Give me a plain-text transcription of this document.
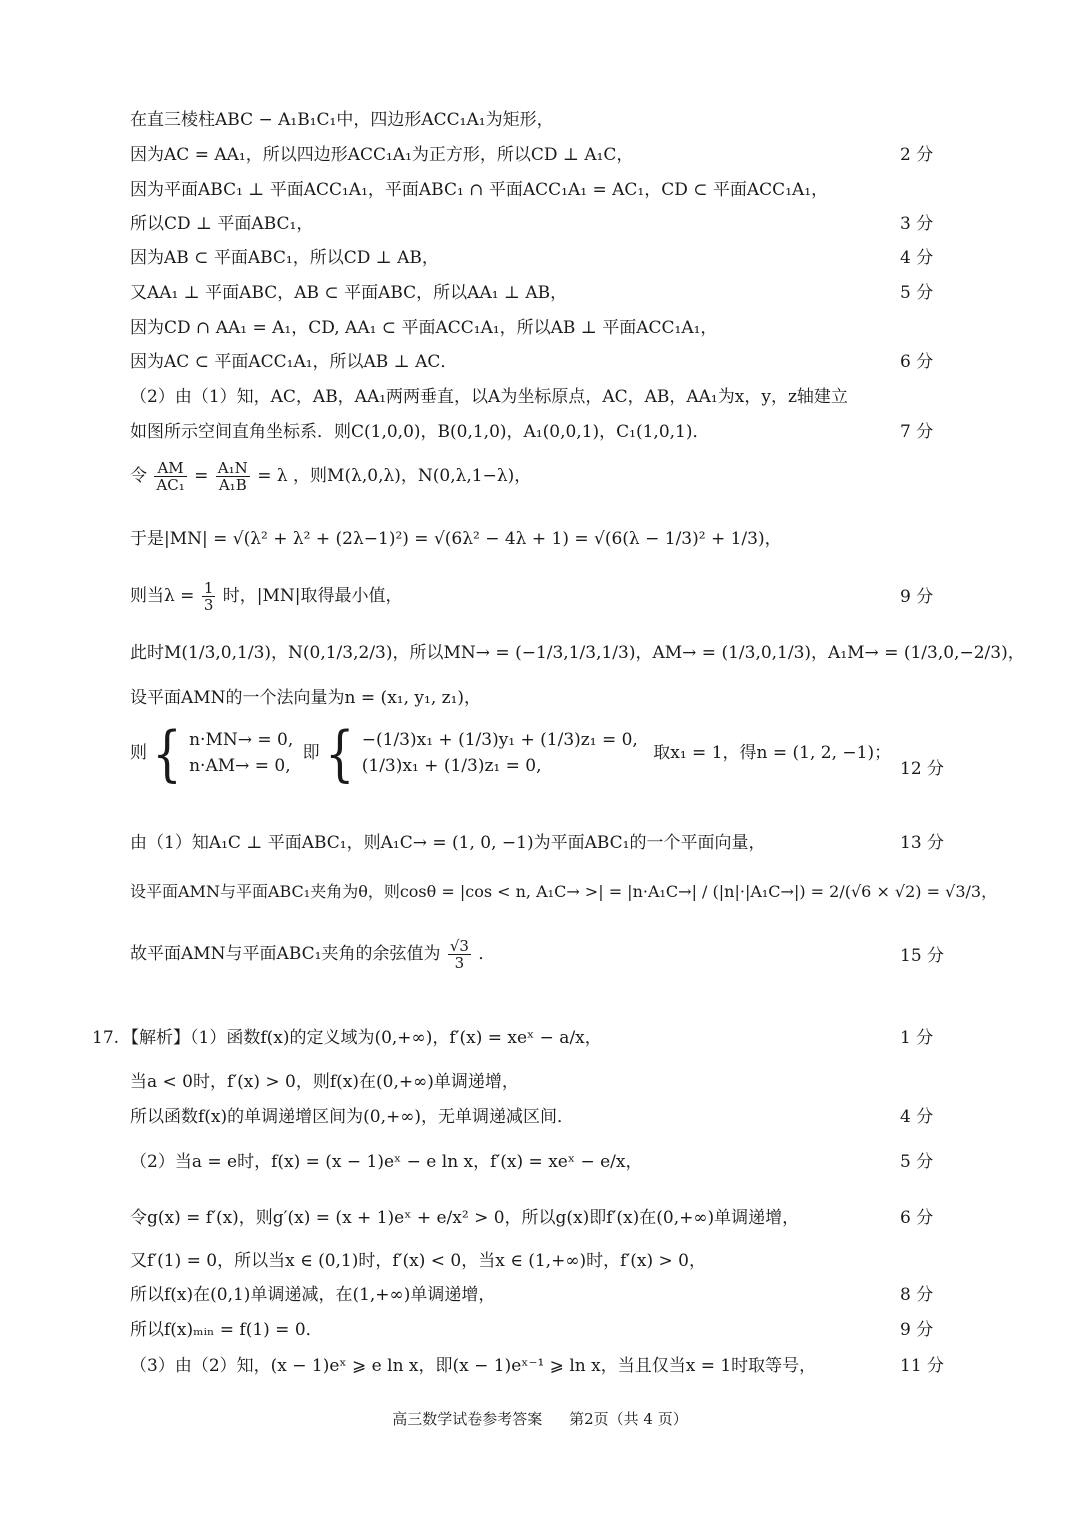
在直三棱柱ABC − A₁B₁C₁中，四边形ACC₁A₁为矩形，
因为AC = AA₁，所以四边形ACC₁A₁为正方形，所以CD ⊥ A₁C，	2 分
因为平面ABC₁ ⊥ 平面ACC₁A₁，平面ABC₁ ∩ 平面ACC₁A₁ = AC₁，CD ⊂ 平面ACC₁A₁，
所以CD ⊥ 平面ABC₁，	3 分
因为AB ⊂ 平面ABC₁，所以CD ⊥ AB，	4 分
又AA₁ ⊥ 平面ABC，AB ⊂ 平面ABC，所以AA₁ ⊥ AB，	5 分
因为CD ∩ AA₁ = A₁，CD, AA₁ ⊂ 平面ACC₁A₁，所以AB ⊥ 平面ACC₁A₁，
因为AC ⊂ 平面ACC₁A₁，所以AB ⊥ AC．	6 分
（2）由（1）知，AC，AB，AA₁两两垂直，以A为坐标原点，AC，AB，AA₁为x，y，z轴建立
如图所示空间直角坐标系．则C(1,0,0)，B(0,1,0)，A₁(0,0,1)，C₁(1,0,1)．	7 分
令 $\frac{AM}{\text{AC₁}} = \frac{\text{A₁N}}{\text{A₁B}} = \lambda$ ，则M(λ,0,λ)，N(0,λ,1−λ)，
于是|MN| = √(λ² + λ² + (2λ−1)²) = √(6λ² − 4λ + 1) = √(6(λ − 1/3)² + 1/3)，
则当$\lambda = \frac{1}{3}$ 时，|MN|取得最小值，	9 分
此时M(1/3,0,1/3)，N(0,1/3,2/3)，所以MN→ = (−1/3,1/3,1/3)，AM→ = (1/3,0,1/3)，A₁M→ = (1/3,0,−2/3)，
设平面AMN的一个法向量为n = (x₁, y₁, z₁)，
则 { n·MN→ = 0,
n·AM→ = 0,
即 { −(1/3)x₁ + (1/3)y₁ + (1/3)z₁ = 0,
(1/3)x₁ + (1/3)z₁ = 0,
取x₁ = 1，得n = (1, 2, −1)；
12 分
由（1）知A₁C ⊥ 平面ABC₁，则A₁C→ = (1, 0, −1)为平面ABC₁的一个平面向量，	13 分
设平面AMN与平面ABC₁夹角为θ，则cosθ = |cos < n, A₁C→ >| = |n·A₁C→| / (|n|·|A₁C→|) = 2/(√6 × √2) = √3/3，
故平面AMN与平面ABC₁夹角的余弦值为 $\frac{√3}{3}$ ．	15 分
17. 【解析】（1）函数f(x)的定义域为(0,+∞)，f′(x) = xeˣ − a/x，	1 分
当a < 0时，f′(x) > 0，则f(x)在(0,+∞)单调递增，
所以函数f(x)的单调递增区间为(0,+∞)，无单调递减区间．	4 分
（2）当a = e时，f(x) = (x − 1)eˣ − e ln x，f′(x) = xeˣ − e/x，	5 分
令g(x) = f′(x)，则g′(x) = (x + 1)eˣ + e/x² > 0，所以g(x)即f′(x)在(0,+∞)单调递增，	6 分
又f′(1) = 0，所以当x ∈ (0,1)时，f′(x) < 0，当x ∈ (1,+∞)时，f′(x) > 0，
所以f(x)在(0,1)单调递减，在(1,+∞)单调递增，	8 分
所以f(x)ₘᵢₙ = f(1) = 0．	9 分
（3）由（2）知，(x − 1)eˣ ⩾ e ln x，即(x − 1)eˣ⁻¹ ⩾ ln x，当且仅当x = 1时取等号，	11 分
高三数学试卷参考答案 第2页（共 4 页）
